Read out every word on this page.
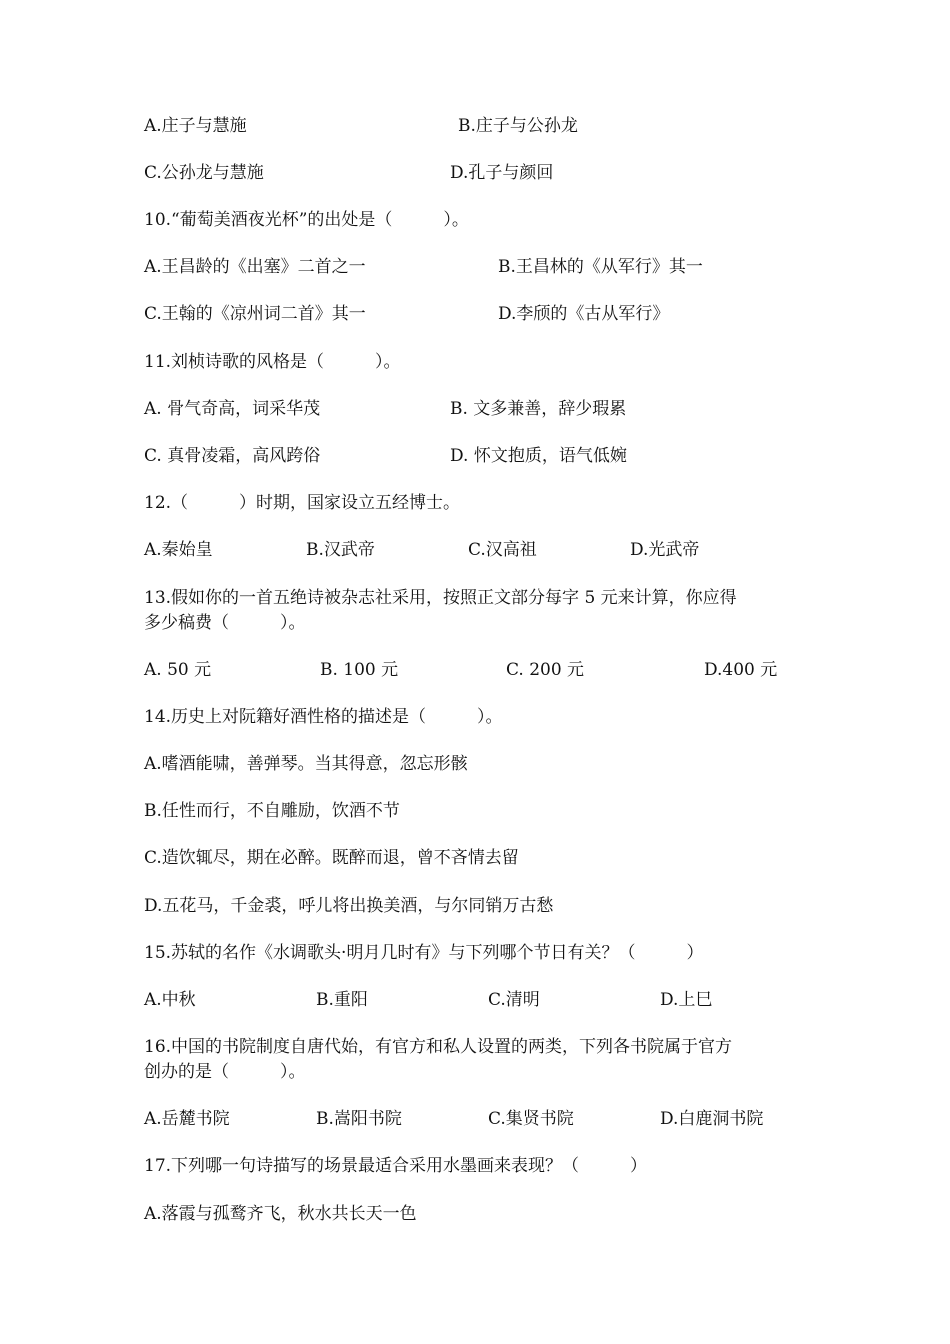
A.庄子与慧施	B.庄子与公孙龙
C.公孙龙与慧施	D.孔子与颜回
10.“葡萄美酒夜光杯”的出处是（　　　）。
A.王昌龄的《出塞》二首之一	B.王昌林的《从军行》其一
C.王翰的《凉州词二首》其一	D.李颀的《古从军行》
11.刘桢诗歌的风格是（　　　）。
A. 骨气奇高，词采华茂	B. 文多兼善，辞少瑕累
C. 真骨凌霜，高风跨俗	D. 怀文抱质，语气低婉
12.（　　　）时期，国家设立五经博士。
A.秦始皇	B.汉武帝	C.汉高祖	D.光武帝
13.假如你的一首五绝诗被杂志社采用，按照正文部分每字 5 元来计算，你应得
多少稿费（　　　）。
A. 50 元	B. 100 元	C. 200 元	D.400 元
14.历史上对阮籍好酒性格的描述是（　　　）。
A.嗜酒能啸，善弹琴。当其得意，忽忘形骸
B.任性而行，不自雕励，饮酒不节
C.造饮辄尽，期在必醉。既醉而退，曾不吝情去留
D.五花马，千金裘，呼儿将出换美酒，与尔同销万古愁
15.苏轼的名作《水调歌头·明月几时有》与下列哪个节日有关？（　　　）
A.中秋	B.重阳	C.清明	D.上巳
16.中国的书院制度自唐代始，有官方和私人设置的两类，下列各书院属于官方
创办的是（　　　）。
A.岳麓书院	B.嵩阳书院	C.集贤书院	D.白鹿洞书院
17.下列哪一句诗描写的场景最适合采用水墨画来表现？（　　　）
A.落霞与孤鹜齐飞，秋水共长天一色
